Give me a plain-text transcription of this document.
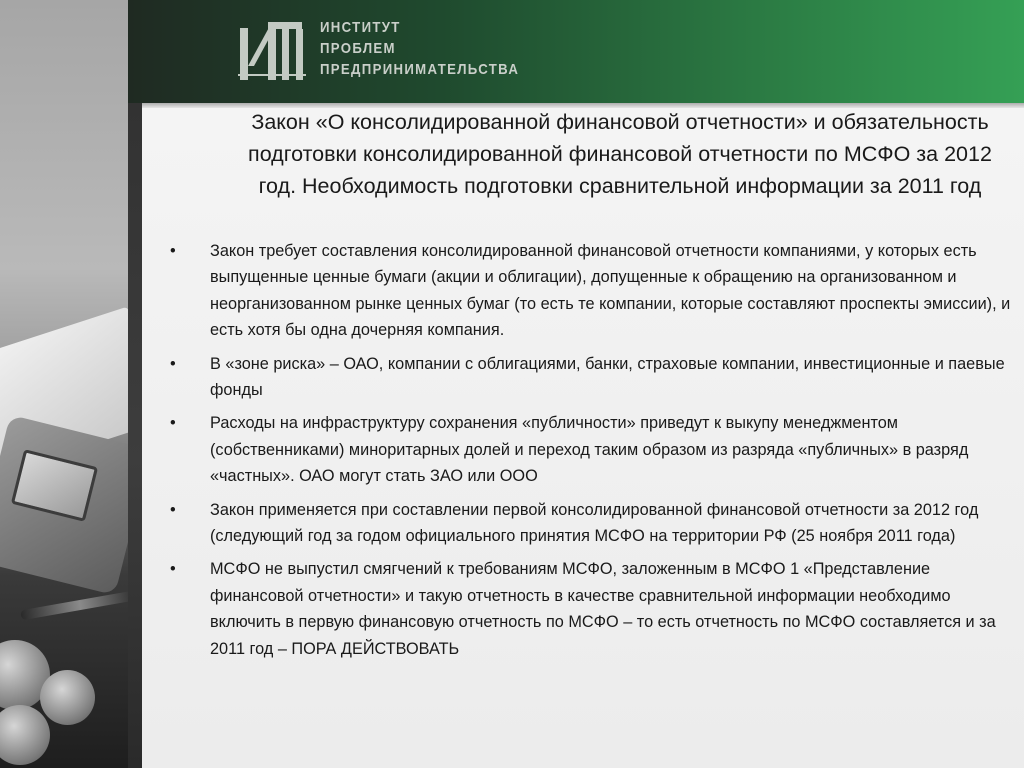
ИНСТИТУТ
ПРОБЛЕМ
ПРЕДПРИНИМАТЕЛЬСТВА
Закон «О консолидированной финансовой отчетности» и обязательность подготовки консолидированной финансовой отчетности по МСФО за 2012 год. Необходимость подготовки сравнительной информации за 2011 год
•	Закон требует составления консолидированной финансовой отчетности компаниями, у которых есть выпущенные ценные бумаги (акции и облигации), допущенные к обращению на организованном и неорганизованном рынке ценных бумаг (то есть те компании, которые составляют проспекты эмиссии), и есть хотя бы одна дочерняя компания.
•	В «зоне риска» – ОАО, компании с облигациями, банки, страховые компании, инвестиционные и паевые фонды
•	Расходы на инфраструктуру сохранения «публичности» приведут к выкупу менеджментом (собственниками) миноритарных долей и переход таким образом из разряда «публичных» в разряд «частных». ОАО могут стать ЗАО или ООО
•	Закон применяется при составлении первой консолидированной финансовой отчетности за 2012 год (следующий год за годом официального принятия МСФО на территории РФ (25 ноября 2011 года)
•	МСФО не выпустил смягчений к требованиям МСФО, заложенным в МСФО 1 «Представление финансовой отчетности» и такую отчетность в качестве сравнительной информации необходимо включить в первую финансовую отчетность по МСФО – то есть отчетность по МСФО составляется и за 2011 год – ПОРА ДЕЙСТВОВАТЬ
